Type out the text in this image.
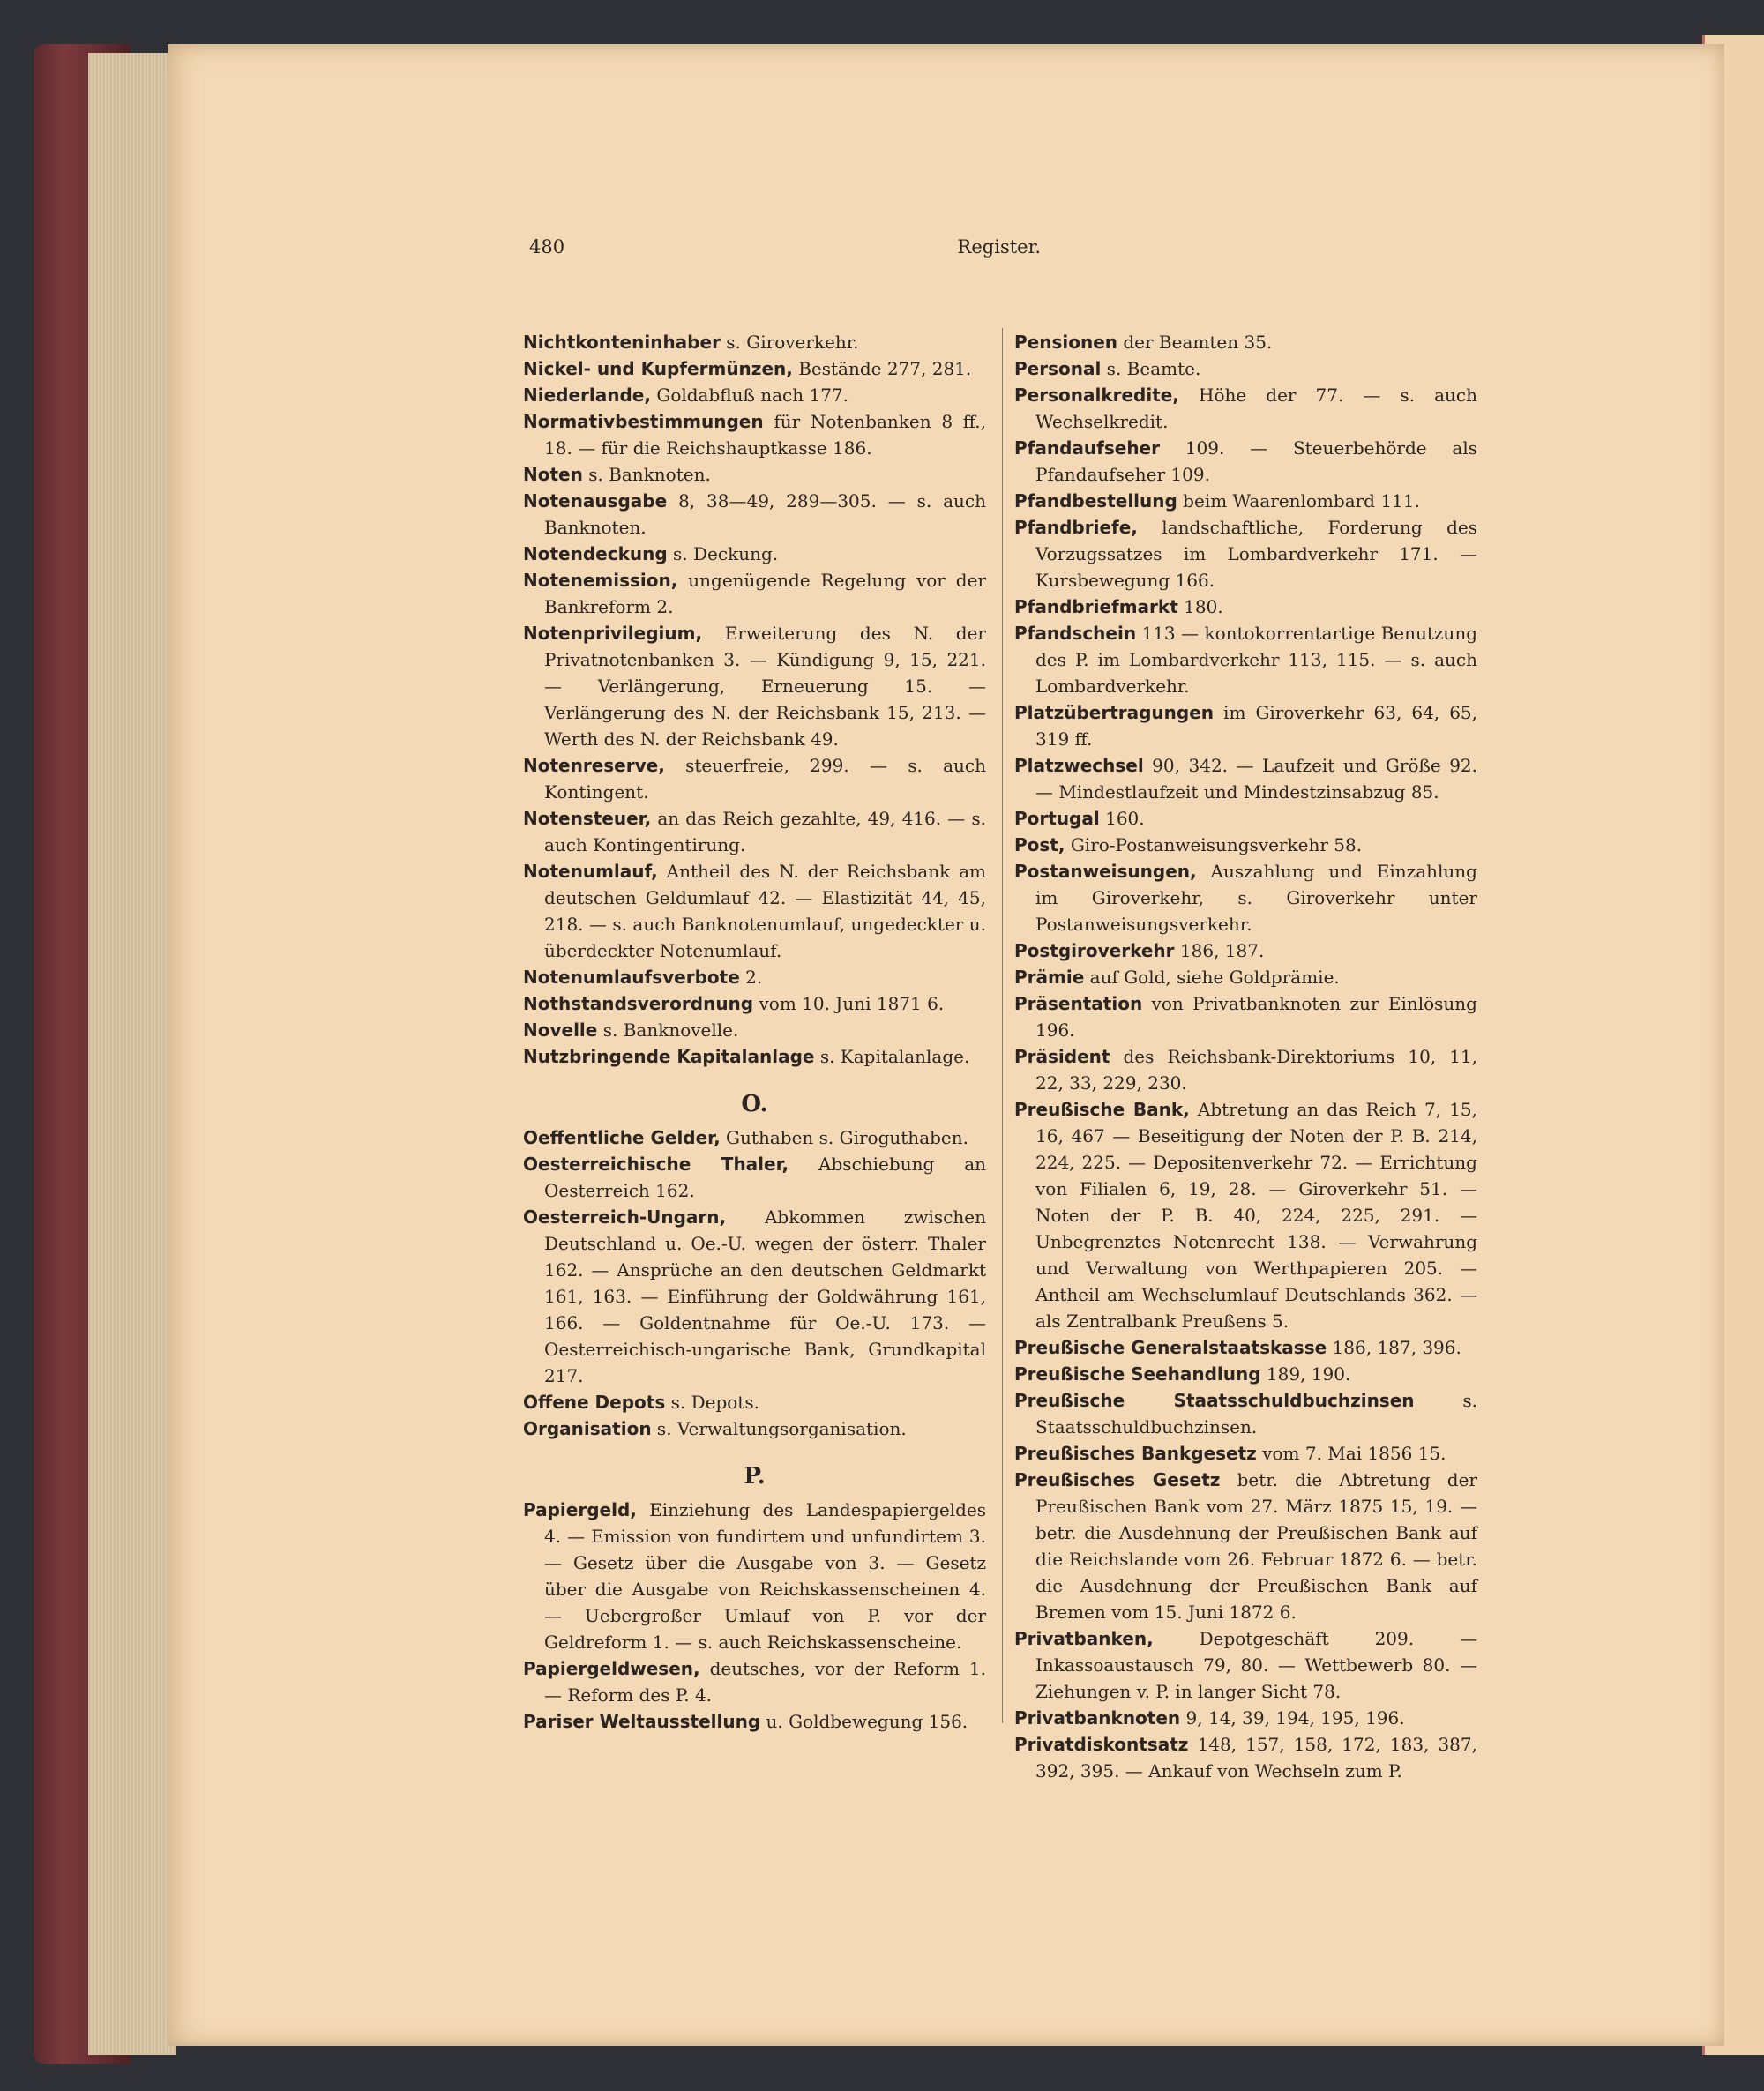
480	Register.

Nichtkonteninhaber s. Giroverkehr.

Nickel- und Kupfermünzen, Bestände 277, 281.

Niederlande, Goldabfluß nach 177.

Normativbestimmungen für Notenbanken 8 ff., 18. — für die Reichshauptkasse 186.

Noten s. Banknoten.

Notenausgabe 8, 38—49, 289—305. — s. auch Banknoten.

Notendeckung s. Deckung.

Notenemission, ungenügende Regelung vor der Bankreform 2.

Notenprivilegium, Erweiterung des N. der Privatnotenbanken 3. — Kündigung 9, 15, 221. — Verlängerung, Erneuerung 15. — Verlängerung des N. der Reichsbank 15, 213. — Werth des N. der Reichsbank 49.

Notenreserve, steuerfreie, 299. — s. auch Kontingent.

Notensteuer, an das Reich gezahlte, 49, 416. — s. auch Kontingentirung.

Notenumlauf, Antheil des N. der Reichsbank am deutschen Geldumlauf 42. — Elastizität 44, 45, 218. — s. auch Banknotenumlauf, ungedeckter u. überdeckter Notenumlauf.

Notenumlaufsverbote 2.

Nothstandsverordnung vom 10. Juni 1871 6.

Novelle s. Banknovelle.

Nutzbringende Kapitalanlage s. Kapitalanlage.

O.

Oeffentliche Gelder, Guthaben s. Giroguthaben.

Oesterreichische Thaler, Abschiebung an Oesterreich 162.

Oesterreich-Ungarn, Abkommen zwischen Deutschland u. Oe.-U. wegen der österr. Thaler 162. — Ansprüche an den deutschen Geldmarkt 161, 163. — Einführung der Goldwährung 161, 166. — Goldentnahme für Oe.-U. 173. — Oesterreichisch-ungarische Bank, Grundkapital 217.

Offene Depots s. Depots.

Organisation s. Verwaltungsorganisation.

P.

Papiergeld, Einziehung des Landespapiergeldes 4. — Emission von fundirtem und unfundirtem 3. — Gesetz über die Ausgabe von 3. — Gesetz über die Ausgabe von Reichskassenscheinen 4. — Uebergroßer Umlauf von P. vor der Geldreform 1. — s. auch Reichskassenscheine.

Papiergeldwesen, deutsches, vor der Reform 1. — Reform des P. 4.

Pariser Weltausstellung u. Goldbewegung 156.

Pensionen der Beamten 35.

Personal s. Beamte.

Personalkredite, Höhe der 77. — s. auch Wechselkredit.

Pfandaufseher 109. — Steuerbehörde als Pfandaufseher 109.

Pfandbestellung beim Waarenlombard 111.

Pfandbriefe, landschaftliche, Forderung des Vorzugssatzes im Lombardverkehr 171. — Kursbewegung 166.

Pfandbriefmarkt 180.

Pfandschein 113 — kontokorrentartige Benutzung des P. im Lombardverkehr 113, 115. — s. auch Lombardverkehr.

Platzübertragungen im Giroverkehr 63, 64, 65, 319 ff.

Platzwechsel 90, 342. — Laufzeit und Größe 92. — Mindestlaufzeit und Mindestzinsabzug 85.

Portugal 160.

Post, Giro-Postanweisungsverkehr 58.

Postanweisungen, Auszahlung und Einzahlung im Giroverkehr, s. Giroverkehr unter Postanweisungsverkehr.

Postgiroverkehr 186, 187.

Prämie auf Gold, siehe Goldprämie.

Präsentation von Privatbanknoten zur Einlösung 196.

Präsident des Reichsbank-Direktoriums 10, 11, 22, 33, 229, 230.

Preußische Bank, Abtretung an das Reich 7, 15, 16, 467 — Beseitigung der Noten der P. B. 214, 224, 225. — Depositenverkehr 72. — Errichtung von Filialen 6, 19, 28. — Giroverkehr 51. — Noten der P. B. 40, 224, 225, 291. — Unbegrenztes Notenrecht 138. — Verwahrung und Verwaltung von Werthpapieren 205. — Antheil am Wechselumlauf Deutschlands 362. — als Zentralbank Preußens 5.

Preußische Generalstaatskasse 186, 187, 396.

Preußische Seehandlung 189, 190.

Preußische Staatsschuldbuchzinsen s. Staatsschuldbuchzinsen.

Preußisches Bankgesetz vom 7. Mai 1856 15.

Preußisches Gesetz betr. die Abtretung der Preußischen Bank vom 27. März 1875 15, 19. — betr. die Ausdehnung der Preußischen Bank auf die Reichslande vom 26. Februar 1872 6. — betr. die Ausdehnung der Preußischen Bank auf Bremen vom 15. Juni 1872 6.

Privatbanken, Depotgeschäft 209. — Inkassoaustausch 79, 80. — Wettbewerb 80. — Ziehungen v. P. in langer Sicht 78.

Privatbanknoten 9, 14, 39, 194, 195, 196.

Privatdiskontsatz 148, 157, 158, 172, 183, 387, 392, 395. — Ankauf von Wechseln zum P.
